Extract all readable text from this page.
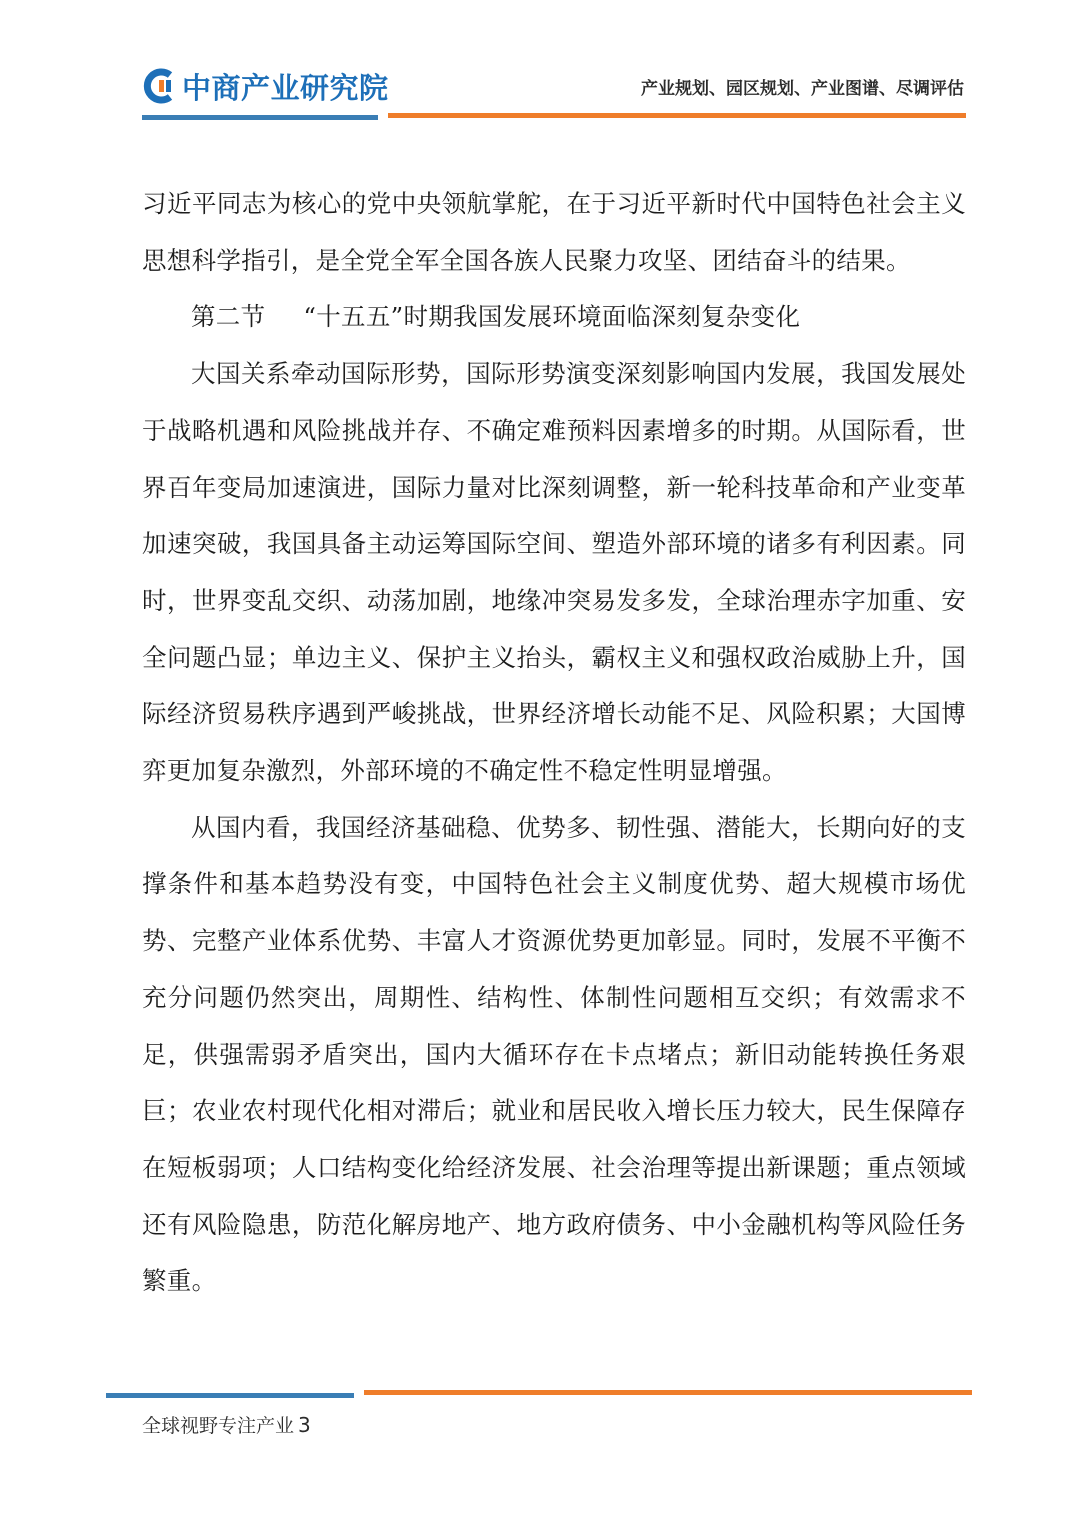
中商产业研究院	产业规划、园区规划、产业图谱、尽调评估

习近平同志为核心的党中央领航掌舵，在于习近平新时代中国特色社会主义思想科学指引，是全党全军全国各族人民聚力攻坚、团结奋斗的结果。

第二节 “十五五”时期我国发展环境面临深刻复杂变化

大国关系牵动国际形势，国际形势演变深刻影响国内发展，我国发展处于战略机遇和风险挑战并存、不确定难预料因素增多的时期。从国际看，世界百年变局加速演进，国际力量对比深刻调整，新一轮科技革命和产业变革加速突破，我国具备主动运筹国际空间、塑造外部环境的诸多有利因素。同时，世界变乱交织、动荡加剧，地缘冲突易发多发，全球治理赤字加重、安全问题凸显；单边主义、保护主义抬头，霸权主义和强权政治威胁上升，国际经济贸易秩序遇到严峻挑战，世界经济增长动能不足、风险积累；大国博弈更加复杂激烈，外部环境的不确定性不稳定性明显增强。

从国内看，我国经济基础稳、优势多、韧性强、潜能大，长期向好的支撑条件和基本趋势没有变，中国特色社会主义制度优势、超大规模市场优势、完整产业体系优势、丰富人才资源优势更加彰显。同时，发展不平衡不充分问题仍然突出，周期性、结构性、体制性问题相互交织；有效需求不足，供强需弱矛盾突出，国内大循环存在卡点堵点；新旧动能转换任务艰巨；农业农村现代化相对滞后；就业和居民收入增长压力较大，民生保障存在短板弱项；人口结构变化给经济发展、社会治理等提出新课题；重点领域还有风险隐患，防范化解房地产、地方政府债务、中小金融机构等风险任务繁重。

全球视野专注产业 3
